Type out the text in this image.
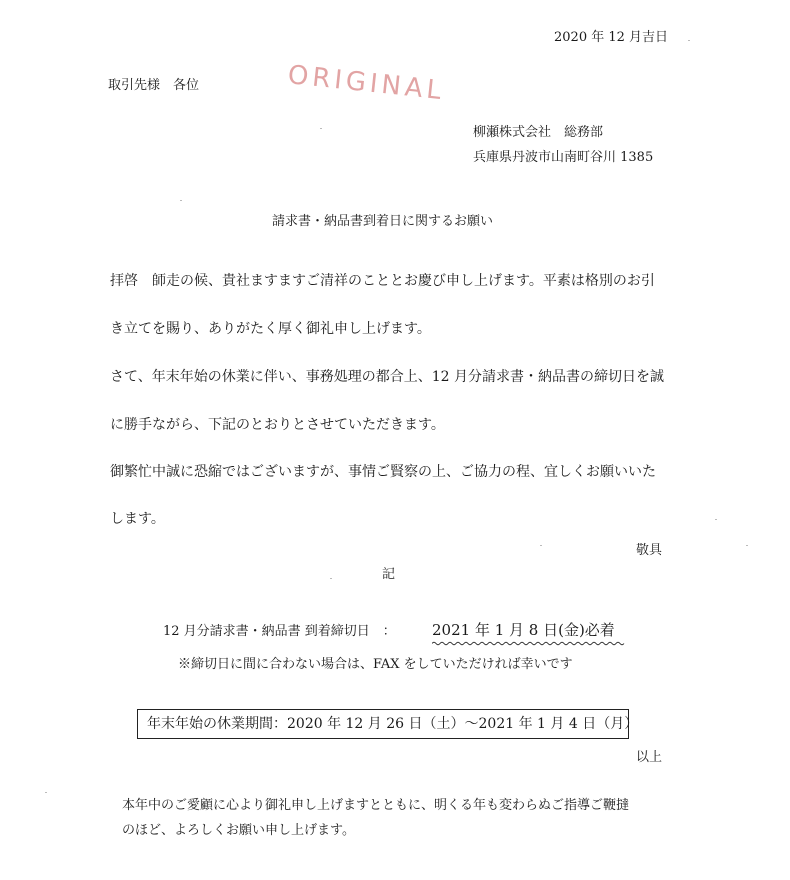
2020 年 12 月吉日
取引先様　各位	ORIGINAL
柳瀬株式会社　総務部
兵庫県丹波市山南町谷川 1385
請求書・納品書到着日に関するお願い
拝啓　師走の候、貴社ますますご清祥のこととお慶び申し上げます。平素は格別のお引
き立てを賜り、ありがたく厚く御礼申し上げます。
さて、年末年始の休業に伴い、事務処理の都合上、12 月分請求書・納品書の締切日を誠
に勝手ながら、下記のとおりとさせていただきます。
御繁忙中誠に恐縮ではございますが、事情ご賢察の上、ご協力の程、宜しくお願いいた
します。
敬具
記
12 月分請求書・納品書 到着締切日　： 2021 年 1 月 8 日(金)必着
※締切日に間に合わない場合は、FAX をしていただければ幸いです
年末年始の休業期間：2020 年 12 月 26 日（土）〜2021 年 1 月 4 日（月）
以上
本年中のご愛顧に心より御礼申し上げますとともに、明くる年も変わらぬご指導ご鞭撻
のほど、よろしくお願い申し上げます。
